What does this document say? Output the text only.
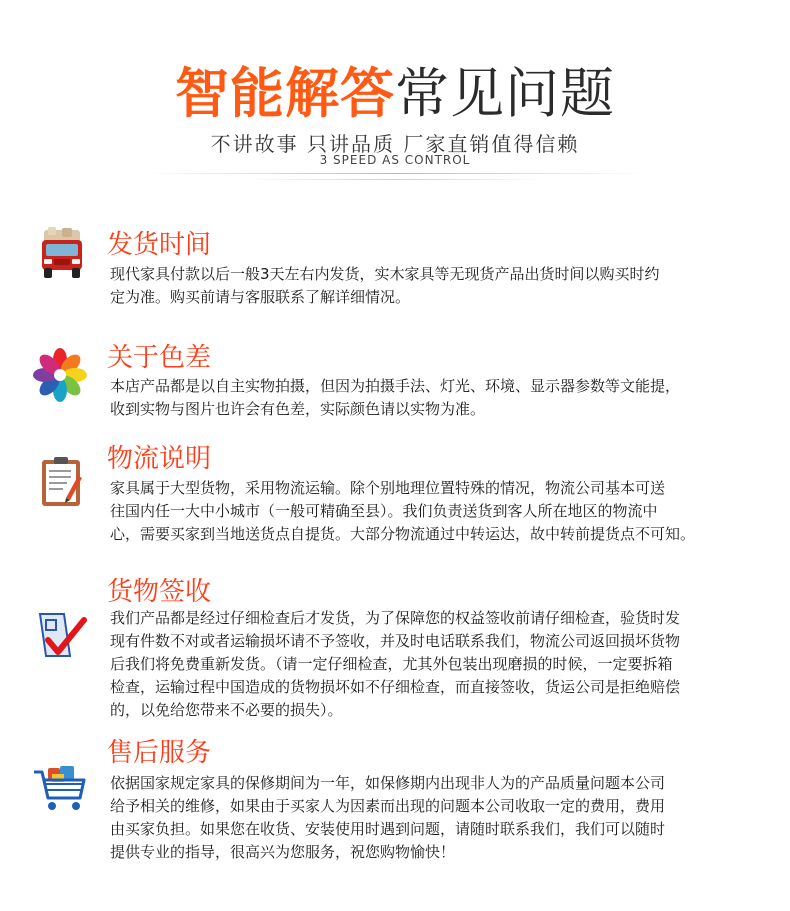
智能解答常见问题
不讲故事 只讲品质 厂家直销值得信赖
3 SPEED AS CONTROL
发货时间
现代家具付款以后一般3天左右内发货，实木家具等无现货产品出货时间以购买时约
定为准。购买前请与客服联系了解详细情况。
关于色差
本店产品都是以自主实物拍摄，但因为拍摄手法、灯光、环境、显示器参数等文能提，
收到实物与图片也许会有色差，实际颜色请以实物为准。
物流说明
家具属于大型货物，采用物流运输。除个别地理位置特殊的情况，物流公司基本可送
往国内任一大中小城市（一般可精确至县）。我们负责送货到客人所在地区的物流中
心，需要买家到当地送货点自提货。大部分物流通过中转运达，故中转前提货点不可知。
货物签收
我们产品都是经过仔细检查后才发货，为了保障您的权益签收前请仔细检查，验货时发
现有件数不对或者运输损坏请不予签收，并及时电话联系我们，物流公司返回损坏货物
后我们将免费重新发货。（请一定仔细检查，尤其外包装出现磨损的时候，一定要拆箱
检查，运输过程中国造成的货物损坏如不仔细检查，而直接签收，货运公司是拒绝赔偿
的，以免给您带来不必要的损失）。
售后服务
依据国家规定家具的保修期间为一年，如保修期内出现非人为的产品质量问题本公司
给予相关的维修，如果由于买家人为因素而出现的问题本公司收取一定的费用，费用
由买家负担。如果您在收货、安装使用时遇到问题，请随时联系我们，我们可以随时
提供专业的指导，很高兴为您服务，祝您购物愉快！
